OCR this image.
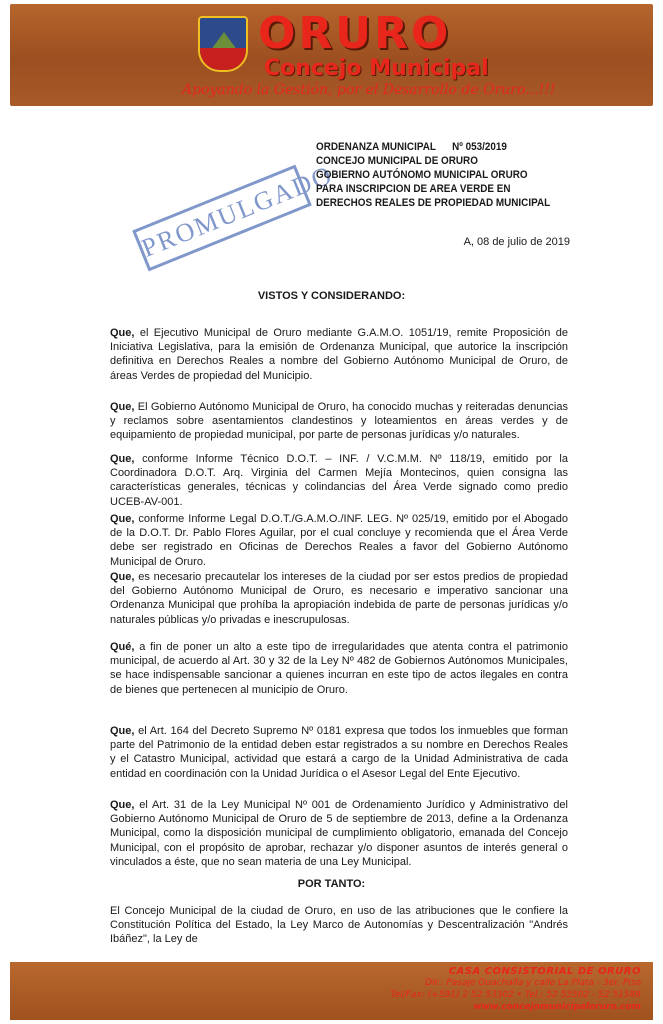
ORURO
Concejo Municipal
Apoyando la Gestión, por el Desarrollo de Oruro...!!!
PROMULGADO
ORDENANZA MUNICIPAL Nº 053/2019
CONCEJO MUNICIPAL DE ORURO
GOBIERNO AUTÓNOMO MUNICIPAL ORURO
PARA INSCRIPCION DE AREA VERDE EN
DERECHOS REALES DE PROPIEDAD MUNICIPAL
A, 08 de julio de 2019
VISTOS Y CONSIDERANDO:

Que, el Ejecutivo Municipal de Oruro mediante G.A.M.O. 1051/19, remite Proposición de Iniciativa Legislativa, para la emisión de Ordenanza Municipal, que autorice la inscripción definitiva en Derechos Reales a nombre del Gobierno Autónomo Municipal de Oruro, de áreas Verdes de propiedad del Municipio.

Que, El Gobierno Autónomo Municipal de Oruro, ha conocido muchas y reiteradas denuncias y reclamos sobre asentamientos clandestinos y loteamientos en áreas verdes y de equipamiento de propiedad municipal, por parte de personas jurídicas y/o naturales.

Que, conforme Informe Técnico D.O.T. – INF. / V.C.M.M. Nº 118/19, emitido por la Coordinadora D.O.T. Arq. Virginia del Carmen Mejía Montecinos, quien consigna las características generales, técnicas y colindancias del Área Verde signado como predio UCEB-AV-001.

Que, conforme Informe Legal D.O.T./G.A.M.O./INF. LEG. Nº 025/19, emitido por el Abogado de la D.O.T. Dr. Pablo Flores Aguilar, por el cual concluye y recomienda que el Área Verde debe ser registrado en Oficinas de Derechos Reales a favor del Gobierno Autónomo Municipal de Oruro.

Que, es necesario precautelar los intereses de la ciudad por ser estos predios de propiedad del Gobierno Autónomo Municipal de Oruro, es necesario e imperativo sancionar una Ordenanza Municipal que prohíba la apropiación indebida de parte de personas jurídicas y/o naturales públicas y/o privadas e inescrupulosas.

Qué, a fin de poner un alto a este tipo de irregularidades que atenta contra el patrimonio municipal, de acuerdo al Art. 30 y 32 de la Ley Nº 482 de Gobiernos Autónomos Municipales, se hace indispensable sancionar a quienes incurran en este tipo de actos ilegales en contra de bienes que pertenecen al municipio de Oruro.

Que, el Art. 164 del Decreto Supremo Nº 0181 expresa que todos los inmuebles que forman parte del Patrimonio de la entidad deben estar registrados a su nombre en Derechos Reales y el Catastro Municipal, actividad que estará a cargo de la Unidad Administrativa de cada entidad en coordinación con la Unidad Jurídica o el Asesor Legal del Ente Ejecutivo.

Que, el Art. 31 de la Ley Municipal Nº 001 de Ordenamiento Jurídico y Administrativo del Gobierno Autónomo Municipal de Oruro de 5 de septiembre de 2013, define a la Ordenanza Municipal, como la disposición municipal de cumplimiento obligatorio, emanada del Concejo Municipal, con el propósito de aprobar, rechazar y/o disponer asuntos de interés general o vinculados a éste, que no sean materia de una Ley Municipal.

POR TANTO:

El Concejo Municipal de la ciudad de Oruro, en uso de las atribuciones que le confiere la Constitución Política del Estado, la Ley Marco de Autonomías y Descentralización "Andrés Ibáñez", la Ley de

CASA CONSISTORIAL DE ORURO
Dir.: Pasaje Guachalla y calle La Plata - 3er. Piso
Tel/Fax: (+591) 2 52 53302 • Tel.: 52 53502 - 52 51588
www.concejomunicipaloruro.com
